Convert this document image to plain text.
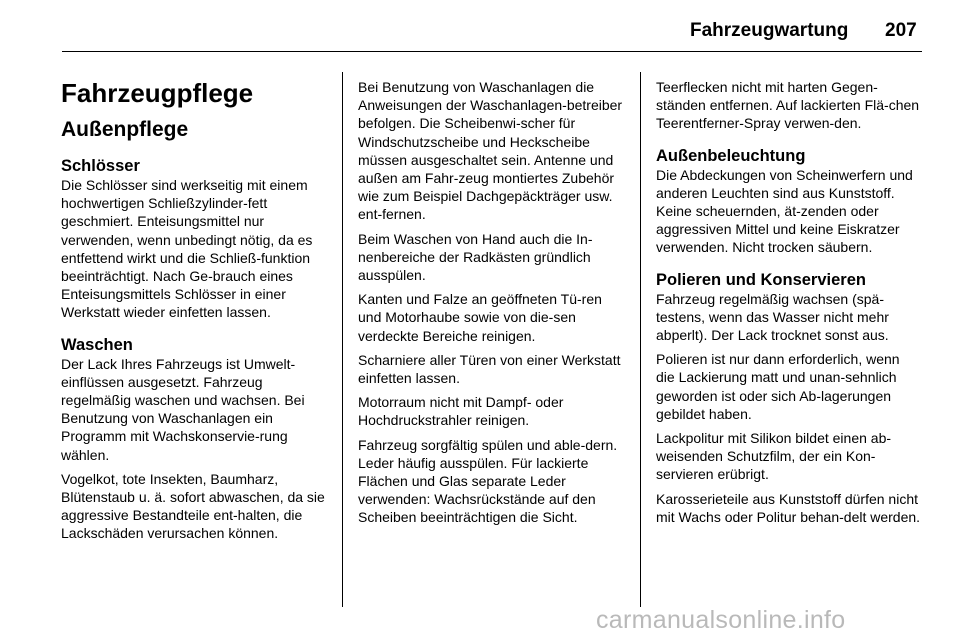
Fahrzeugwartung 207
Fahrzeugpflege
Außenpflege
Schlösser

Die Schlösser sind werkseitig mit einem hochwertigen Schließzylinder-fett geschmiert. Enteisungsmittel nur verwenden, wenn unbedingt nötig, da es entfettend wirkt und die Schließ-funktion beeinträchtigt. Nach Ge-brauch eines Enteisungsmittels Schlösser in einer Werkstatt wieder einfetten lassen.

Waschen

Der Lack Ihres Fahrzeugs ist Umwelt-einflüssen ausgesetzt. Fahrzeug regelmäßig waschen und wachsen. Bei Benutzung von Waschanlagen ein Programm mit Wachskonservie-rung wählen.

Vogelkot, tote Insekten, Baumharz, Blütenstaub u. ä. sofort abwaschen, da sie aggressive Bestandteile ent-halten, die Lackschäden verursachen können.

Bei Benutzung von Waschanlagen die Anweisungen der Waschanlagen-betreiber befolgen. Die Scheibenwi-scher für Windschutzscheibe und Heckscheibe müssen ausgeschaltet sein. Antenne und außen am Fahr-zeug montiertes Zubehör wie zum Beispiel Dachgepäckträger usw. ent-fernen.

Beim Waschen von Hand auch die In-nenbereiche der Radkästen gründlich ausspülen.

Kanten und Falze an geöffneten Tü-ren und Motorhaube sowie von die-sen verdeckte Bereiche reinigen.

Scharniere aller Türen von einer Werkstatt einfetten lassen.

Motorraum nicht mit Dampf- oder Hochdruckstrahler reinigen.

Fahrzeug sorgfältig spülen und able-dern. Leder häufig ausspülen. Für lackierte Flächen und Glas separate Leder verwenden: Wachsrückstände auf den Scheiben beeinträchtigen die Sicht.

Teerflecken nicht mit harten Gegen-ständen entfernen. Auf lackierten Flä-chen Teerentferner-Spray verwen-den.

Außenbeleuchtung

Die Abdeckungen von Scheinwerfern und anderen Leuchten sind aus Kunststoff. Keine scheuernden, ät-zenden oder aggressiven Mittel und keine Eiskratzer verwenden. Nicht trocken säubern.

Polieren und Konservieren

Fahrzeug regelmäßig wachsen (spä-testens, wenn das Wasser nicht mehr abperlt). Der Lack trocknet sonst aus.

Polieren ist nur dann erforderlich, wenn die Lackierung matt und unan-sehnlich geworden ist oder sich Ab-lagerungen gebildet haben.

Lackpolitur mit Silikon bildet einen ab-weisenden Schutzfilm, der ein Kon-servieren erübrigt.

Karosserieteile aus Kunststoff dürfen nicht mit Wachs oder Politur behan-delt werden.

carmanualsonline.info
